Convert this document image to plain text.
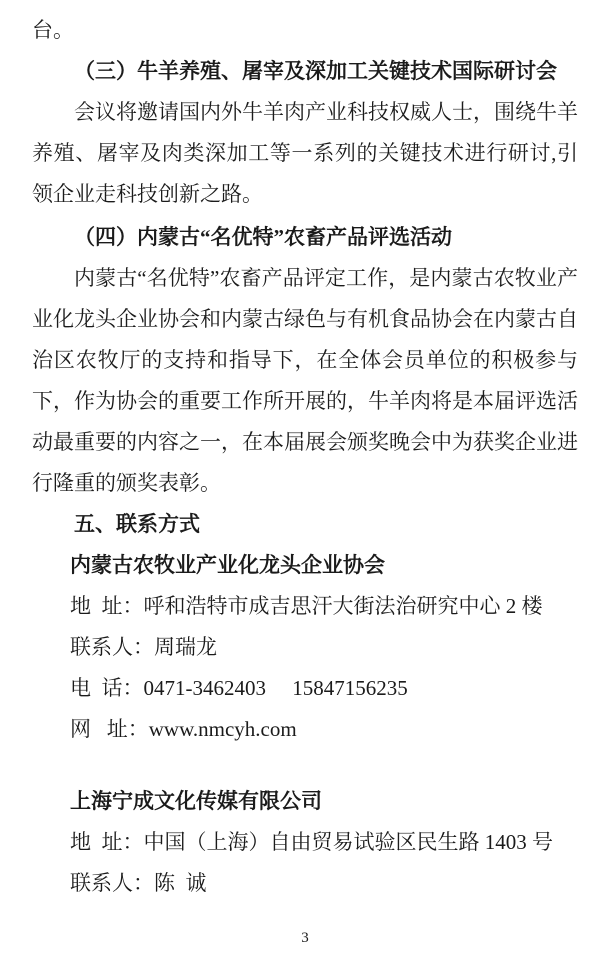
台。

（三）牛羊养殖、屠宰及深加工关键技术国际研讨会

会议将邀请国内外牛羊肉产业科技权威人士，围绕牛羊养殖、屠宰及肉类深加工等一系列的关键技术进行研讨,引领企业走科技创新之路。

（四）内蒙古“名优特”农畜产品评选活动

内蒙古“名优特”农畜产品评定工作，是内蒙古农牧业产业化龙头企业协会和内蒙古绿色与有机食品协会在内蒙古自治区农牧厅的支持和指导下，在全体会员单位的积极参与下，作为协会的重要工作所开展的，牛羊肉将是本届评选活动最重要的内容之一，在本届展会颁奖晚会中为获奖企业进行隆重的颁奖表彰。

五、联系方式
内蒙古农牧业产业化龙头企业协会

地  址：呼和浩特市成吉思汗大街法治研究中心 2 楼

联系人：周瑞龙

电  话：0471-3462403     15847156235

网   址：www.nmcyh.com

上海宁成文化传媒有限公司

地  址：中国（上海）自由贸易试验区民生路 1403 号

联系人：陈  诚

3
